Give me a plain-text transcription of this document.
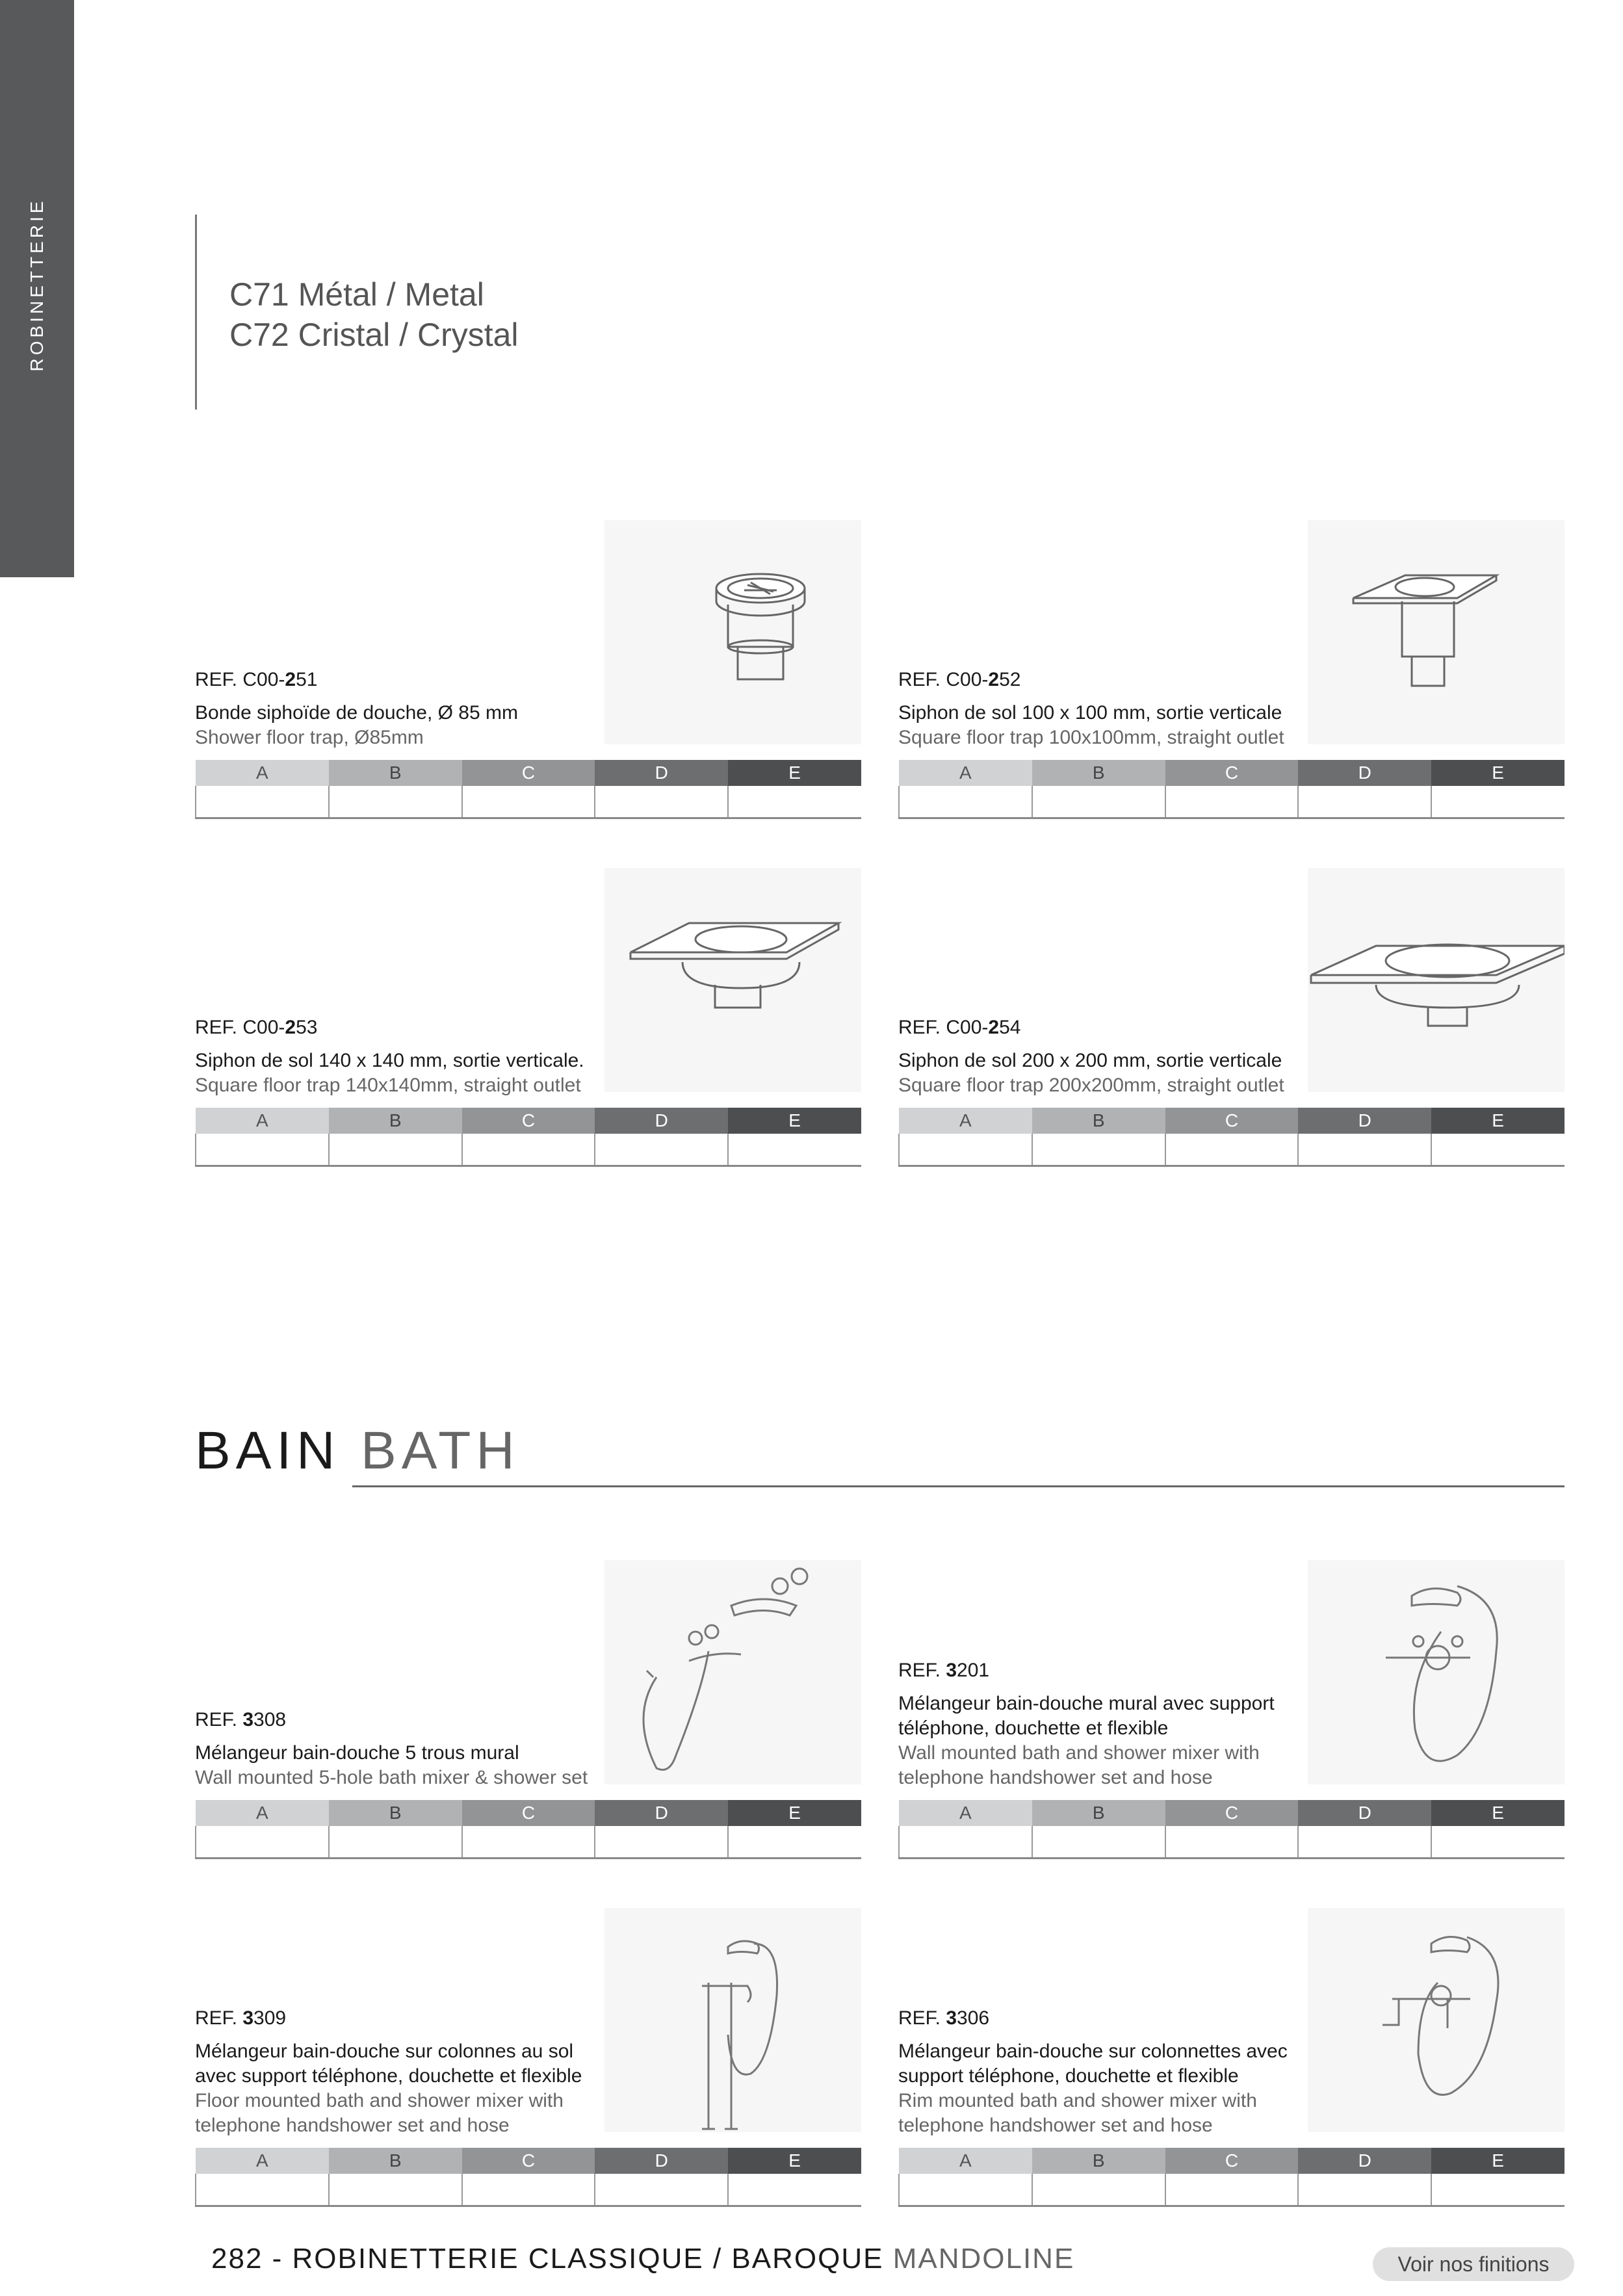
ROBINETTERIE	C71 Métal / Metal
C72 Cristal / Crystal
REF. C00-251
Bonde siphoïde de douche, Ø 85 mm
Shower floor trap, Ø85mm
A	B	C	D	E

REF. C00-252
Siphon de sol 100 x 100 mm, sortie verticale
Square floor trap 100x100mm, straight outlet
A	B	C	D	E

REF. C00-253
Siphon de sol 140 x 140 mm, sortie verticale.
Square floor trap 140x140mm, straight outlet
A	B	C	D	E

REF. C00-254
Siphon de sol 200 x 200 mm, sortie verticale
Square floor trap 200x200mm, straight outlet
A	B	C	D	E

BAIN BATH
REF. 3308
Mélangeur bain-douche 5 trous mural
Wall mounted 5-hole bath mixer & shower set
A	B	C	D	E

REF. 3201
Mélangeur bain-douche mural avec support téléphone, douchette et flexible
Wall mounted bath and shower mixer with telephone handshower set and hose
A	B	C	D	E

REF. 3309
Mélangeur bain-douche sur colonnes au sol avec support téléphone, douchette et flexible
Floor mounted bath and shower mixer with telephone handshower set and hose
A	B	C	D	E

REF. 3306
Mélangeur bain-douche sur colonnettes avec support téléphone, douchette et flexible
Rim mounted bath and shower mixer with telephone handshower set and hose
A	B	C	D	E

282 - ROBINETTERIE CLASSIQUE / BAROQUE MANDOLINE	Voir nos finitions
